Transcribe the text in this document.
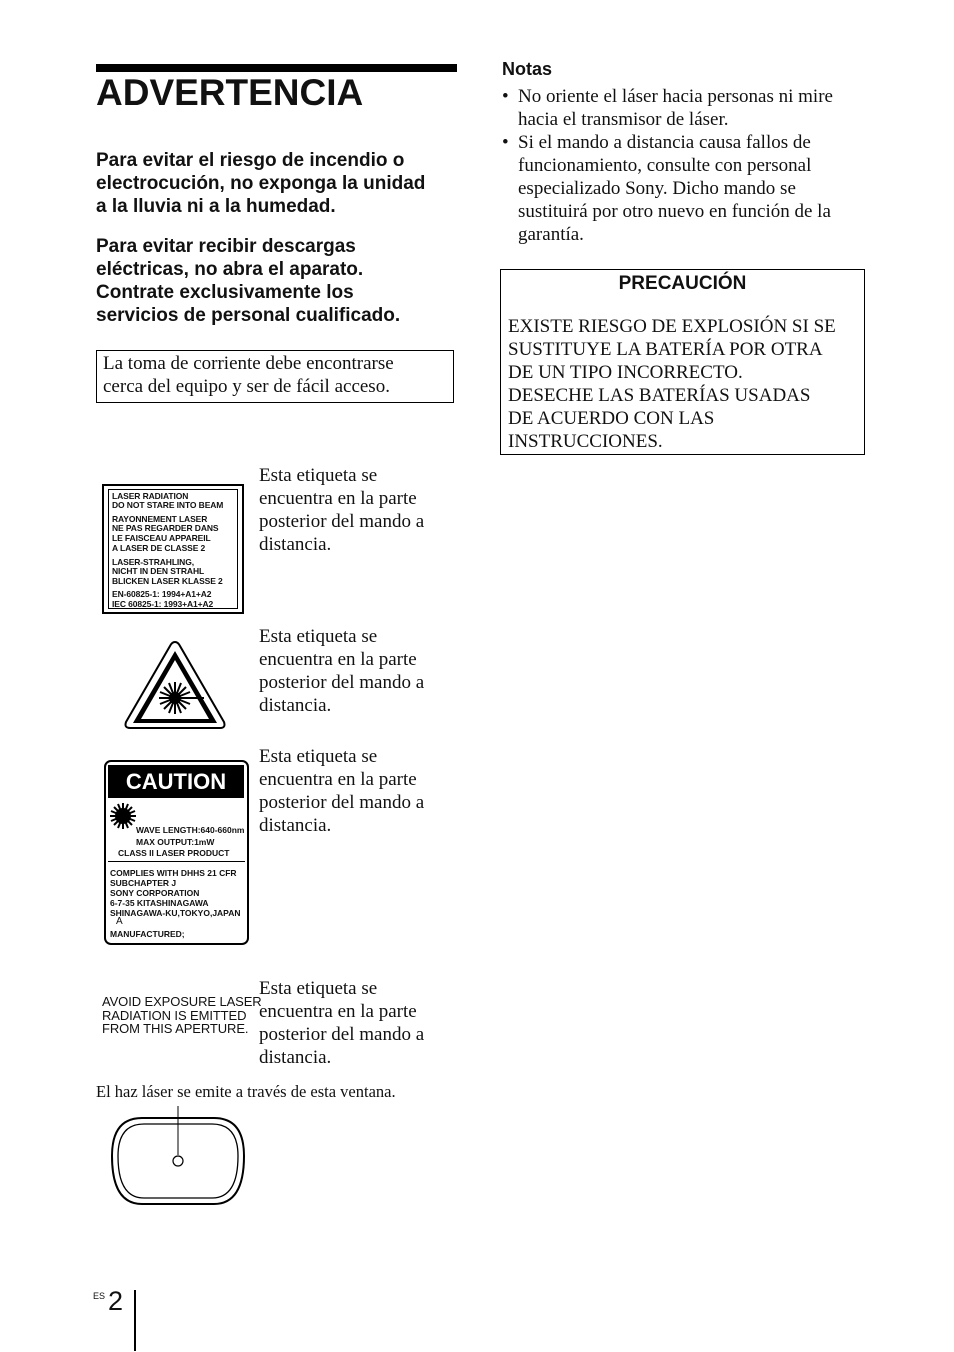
ADVERTENCIA
Para evitar el riesgo de incendio o
electrocución, no exponga la unidad
a la lluvia ni a la humedad.
Para evitar recibir descargas
eléctricas, no abra el aparato.
Contrate exclusivamente los
servicios de personal cualificado.
La toma de corriente debe encontrarse
cerca del equipo y ser de fácil acceso.
LASER RADIATION
DO NOT STARE INTO BEAM
RAYONNEMENT LASER
NE PAS REGARDER DANS
LE FAISCEAU APPAREIL
A LASER DE CLASSE 2
LASER-STRAHLING,
NICHT IN DEN STRAHL
BLICKEN LASER KLASSE 2
EN-60825-1: 1994+A1+A2
IEC 60825-1: 1993+A1+A2
Esta etiqueta se
encuentra en la parte
posterior del mando a
distancia.
Esta etiqueta se
encuentra en la parte
posterior del mando a
distancia.
CAUTION
WAVE LENGTH:640-660nm
MAX OUTPUT:1mW
CLASS II LASER PRODUCT
COMPLIES WITH DHHS 21 CFR
SUBCHAPTER J
SONY CORPORATION
6-7-35 KITASHINAGAWA
SHINAGAWA-KU,TOKYO,JAPAN
A
MANUFACTURED;
Esta etiqueta se
encuentra en la parte
posterior del mando a
distancia.
AVOID EXPOSURE LASER
RADIATION IS EMITTED
FROM THIS APERTURE.
Esta etiqueta se
encuentra en la parte
posterior del mando a
distancia.
El haz láser se emite a través de esta ventana.
Notas
• No oriente el láser hacia personas ni mire
hacia el transmisor de láser.
• Si el mando a distancia causa fallos de
funcionamiento, consulte con personal
especializado Sony. Dicho mando se
sustituirá por otro nuevo en función de la
garantía.
PRECAUCIÓN
EXISTE RIESGO DE EXPLOSIÓN SI SE
SUSTITUYE LA BATERÍA POR OTRA
DE UN TIPO INCORRECTO.
DESECHE LAS BATERÍAS USADAS
DE ACUERDO CON LAS
INSTRUCCIONES.
ES 2
